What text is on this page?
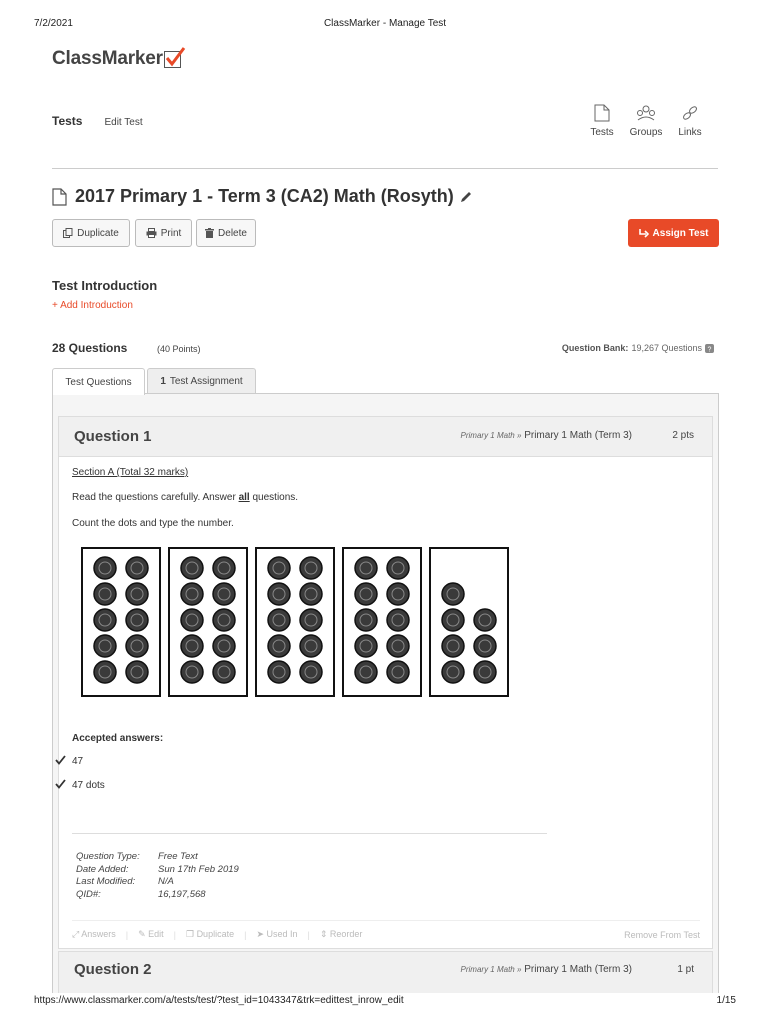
7/2/2021	ClassMarker - Manage Test
ClassMarker
Tests Edit Test
Tests Groups Links
2017 Primary 1 - Term 3 (CA2) Math (Rosyth)
Duplicate	Print	Delete	Assign Test
Test Introduction
+ Add Introduction
28 Questions	(40 Points)	Question Bank: 19,267 Questions ?
Test Questions	1 Test Assignment
Question 1	Primary 1 Math » Primary 1 Math (Term 3)	2 pts
Section A (Total 32 marks)
Read the questions carefully. Answer all questions.
Count the dots and type the number.
Accepted answers:
47
47 dots
Question Type:	Free Text
Date Added:	Sun 17th Feb 2019
Last Modified:	N/A
QID#:	16,197,568
⤢ Answers | ✎ Edit | ❐ Duplicate | ➤ Used In | ⇕ Reorder	Remove From Test
Question 2	Primary 1 Math » Primary 1 Math (Term 3)	1 pt
https://www.classmarker.com/a/tests/test/?test_id=1043347&trk=edittest_inrow_edit	1/15
